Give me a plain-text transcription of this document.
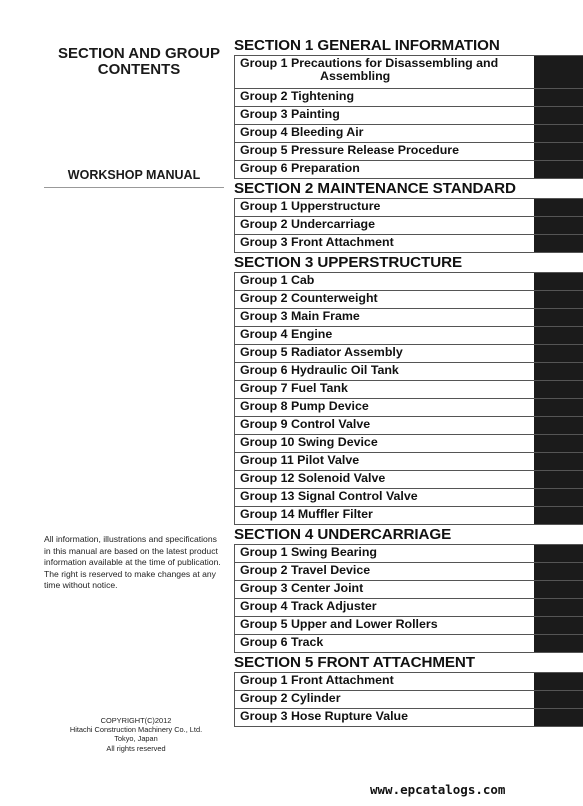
SECTION AND GROUP
CONTENTS
WORKSHOP MANUAL
All information, illustrations and specifications in this manual are based on the latest product information available at the time of publication. The right is reserved to make changes at any time without notice.
COPYRIGHT(C)2012
Hitachi Construction Machinery Co., Ltd.
Tokyo, Japan
All rights reserved
SECTION 1 GENERAL INFORMATION
Group 1 Precautions for Disassembling and
Assembling
Group 2 Tightening
Group 3 Painting
Group 4 Bleeding Air
Group 5 Pressure Release Procedure
Group 6 Preparation
SECTION 2 MAINTENANCE STANDARD
Group 1 Upperstructure
Group 2 Undercarriage
Group 3 Front Attachment
SECTION 3 UPPERSTRUCTURE
Group 1 Cab
Group 2 Counterweight
Group 3 Main Frame
Group 4 Engine
Group 5 Radiator Assembly
Group 6 Hydraulic Oil Tank
Group 7 Fuel Tank
Group 8 Pump Device
Group 9 Control Valve
Group 10 Swing Device
Group 11 Pilot Valve
Group 12 Solenoid Valve
Group 13 Signal Control Valve
Group 14 Muffler Filter
SECTION 4 UNDERCARRIAGE
Group 1 Swing Bearing
Group 2 Travel Device
Group 3 Center Joint
Group 4 Track Adjuster
Group 5 Upper and Lower Rollers
Group 6 Track
SECTION 5 FRONT ATTACHMENT
Group 1 Front Attachment
Group 2 Cylinder
Group 3 Hose Rupture Value
www.epcatalogs.com
